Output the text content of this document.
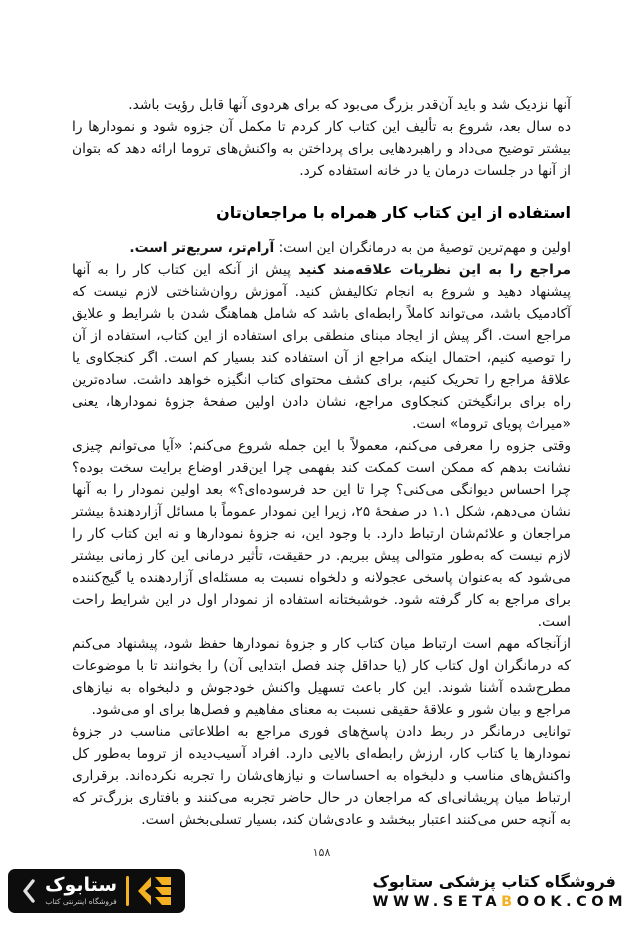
آنها نزدیک شد و باید آن‌قدر بزرگ می‌بود که برای هردوی آنها قابل رؤیت باشد.

ده سال بعد، شروع به تألیف این کتاب کار کردم تا مکمل آن جزوه شود و نمودارها را بیشتر توضیح می‌داد و راهبردهایی برای پرداختن به واکنش‌های تروما ارائه دهد که بتوان از آنها در جلسات درمان یا در خانه استفاده کرد.

استفاده از این کتاب کار همراه با مراجعان‌تان

اولین و مهم‌ترین توصیهٔ من به درمانگران این است: آرام‌تر، سریع‌تر است.

مراجع را به این نظریات علاقه‌مند کنید پیش از آنکه این کتاب کار را به آنها پیشنهاد دهید و شروع به انجام تکالیفش کنید. آموزش روان‌شناختی لازم نیست که آکادمیک باشد، می‌تواند کاملاً رابطه‌ای باشد که شامل هماهنگ شدن با شرایط و علایق مراجع است. اگر پیش از ایجاد مبنای منطقی برای استفاده از این کتاب، استفاده از آن را توصیه کنیم، احتمال اینکه مراجع از آن استفاده کند بسیار کم است. اگر کنجکاوی یا علاقهٔ مراجع را تحریک کنیم، برای کشف محتوای کتاب انگیزه خواهد داشت. ساده‌ترین راه برای برانگیختن کنجکاوی مراجع، نشان دادن اولین صفحهٔ جزوهٔ نمودارها، یعنی «میراث پویای تروما» است.

وقتی جزوه را معرفی می‌کنم، معمولاً با این جمله شروع می‌کنم: «آیا می‌توانم چیزی نشانت بدهم که ممکن است کمکت کند بفهمی چرا این‌قدر اوضاع برایت سخت بوده؟ چرا احساس دیوانگی می‌کنی؟ چرا تا این حد فرسوده‌ای؟» بعد اولین نمودار را به آنها نشان می‌دهم، شکل ۱.۱ در صفحهٔ ۲۵، زیرا این نمودار عموماً با مسائل آزاردهندهٔ بیشتر مراجعان و علائم‌شان ارتباط دارد. با وجود این، نه جزوهٔ نمودارها و نه این کتاب کار را لازم نیست که به‌طور متوالی پیش ببریم. در حقیقت، تأثیر درمانی این کار زمانی بیشتر می‌شود که به‌عنوان پاسخی عجولانه و دلخواه نسبت به مسئله‌ای آزاردهنده یا گیج‌کننده برای مراجع به کار گرفته شود. خوشبختانه استفاده از نمودار اول در این شرایط راحت است.

ازآنجاکه مهم است ارتباط میان کتاب کار و جزوهٔ نمودارها حفظ شود، پیشنهاد می‌کنم که درمانگران اول کتاب کار (یا حداقل چند فصل ابتدایی آن) را بخوانند تا با موضوعات مطرح‌شده آشنا شوند. این کار باعث تسهیل واکنش خودجوش و دلبخواه به نیازهای مراجع و بیان شور و علاقهٔ حقیقی نسبت به معنای مفاهیم و فصل‌ها برای او می‌شود.

توانایی درمانگر در ربط دادن پاسخ‌های فوری مراجع به اطلاعاتی مناسب در جزوهٔ نمودارها یا کتاب کار، ارزش رابطه‌ای بالایی دارد. افراد آسیب‌دیده از تروما به‌طور کل واکنش‌های مناسب و دلبخواه به احساسات و نیازهای‌شان را تجربه نکرده‌اند. برقراری ارتباط میان پریشانی‌ای که مراجعان در حال حاضر تجربه می‌کنند و بافتاری بزرگ‌تر که به آنچه حس می‌کنند اعتبار ببخشد و عادی‌شان کند، بسیار تسلی‌بخش است.

۱۵۸
ستابوک
فروشگاه اینترنتی کتاب
فروشگاه کتاب پزشکی ستابوک
WWW.SETABOOK.COM
